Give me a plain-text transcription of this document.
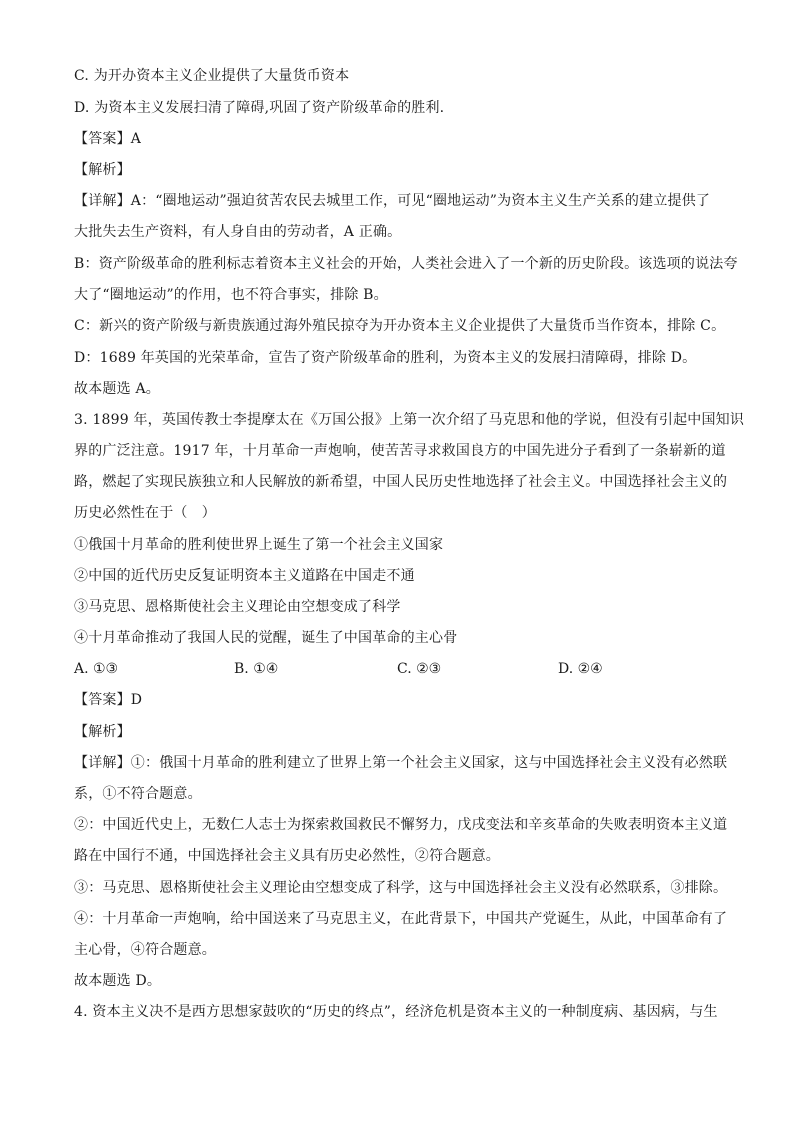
C. 为开办资本主义企业提供了大量货币资本
D. 为资本主义发展扫清了障碍,巩固了资产阶级革命的胜利.
【答案】A
【解析】
【详解】A：“圈地运动”强迫贫苦农民去城里工作，可见“圈地运动”为资本主义生产关系的建立提供了
大批失去生产资料，有人身自由的劳动者，A 正确。
B：资产阶级革命的胜利标志着资本主义社会的开始，人类社会进入了一个新的历史阶段。该选项的说法夸
大了“圈地运动”的作用，也不符合事实，排除 B。
C：新兴的资产阶级与新贵族通过海外殖民掠夺为开办资本主义企业提供了大量货币当作资本，排除 C。
D：1689 年英国的光荣革命，宣告了资产阶级革命的胜利，为资本主义的发展扫清障碍，排除 D。
故本题选 A。
3. 1899 年，英国传教士李提摩太在《万国公报》上第一次介绍了马克思和他的学说，但没有引起中国知识
界的广泛注意。1917 年，十月革命一声炮响，使苦苦寻求救国良方的中国先进分子看到了一条崭新的道
路，燃起了实现民族独立和人民解放的新希望，中国人民历史性地选择了社会主义。中国选择社会主义的
历史必然性在于（　）
①俄国十月革命的胜利使世界上诞生了第一个社会主义国家
②中国的近代历史反复证明资本主义道路在中国走不通
③马克思、恩格斯使社会主义理论由空想变成了科学
④十月革命推动了我国人民的觉醒，诞生了中国革命的主心骨
A. ①③	B. ①④	C. ②③	D. ②④
【答案】D
【解析】
【详解】①：俄国十月革命的胜利建立了世界上第一个社会主义国家，这与中国选择社会主义没有必然联
系，①不符合题意。
②：中国近代史上，无数仁人志士为探索救国救民不懈努力，戊戌变法和辛亥革命的失败表明资本主义道
路在中国行不通，中国选择社会主义具有历史必然性，②符合题意。
③：马克思、恩格斯使社会主义理论由空想变成了科学，这与中国选择社会主义没有必然联系，③排除。
④：十月革命一声炮响，给中国送来了马克思主义，在此背景下，中国共产党诞生，从此，中国革命有了
主心骨，④符合题意。
故本题选 D。
4. 资本主义决不是西方思想家鼓吹的“历史的终点”，经济危机是资本主义的一种制度病、基因病，与生
